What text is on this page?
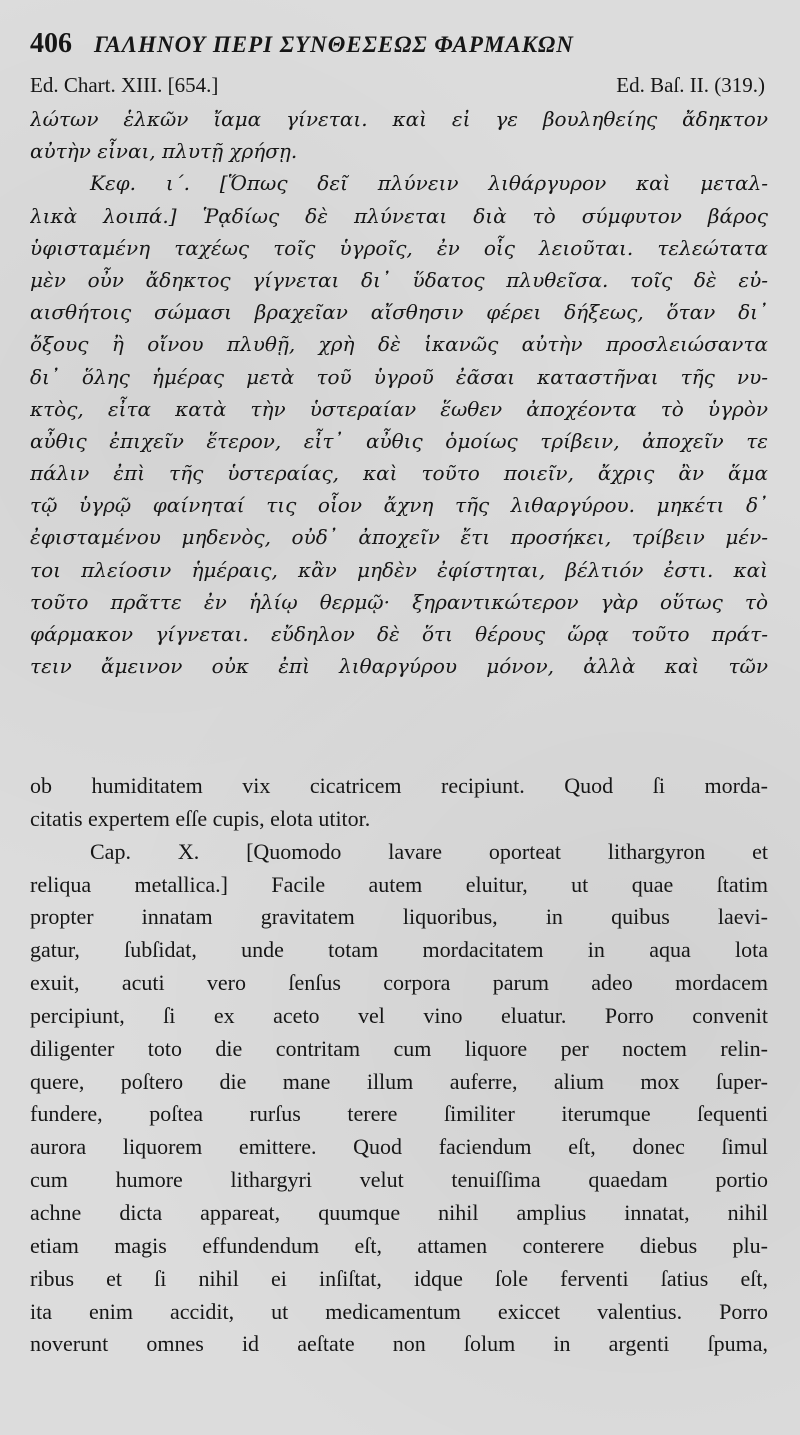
406 ΓΑΛΗΝΟΥ ΠΕΡΙ ΣΥΝΘΕΣΕΩΣ ΦΑΡΜΑΚΩΝ
Ed. Chart. XIII. [654.]	Ed. Baſ. II. (319.)
λώτων ἑλκῶν ἴαμα γίνεται. καὶ εἰ γε βουληθείης ἄδηκτον
αὐτὴν εἶναι, πλυτῇ χρήσῃ.
Κεφ. ι΄. [Ὅπως δεῖ πλύνειν λιθάργυρον καὶ μεταλ-
λικὰ λοιπά.] Ῥᾳδίως δὲ πλύνεται διὰ τὸ σύμφυτον βάρος
ὑφισταμένη ταχέως τοῖς ὑγροῖς, ἐν οἷς λειοῦται. τελεώτατα
μὲν οὖν ἄδηκτος γίγνεται δι᾿ ὕδατος πλυθεῖσα. τοῖς δὲ εὐ-
αισθήτοις σώμασι βραχεῖαν αἴσθησιν φέρει δήξεως, ὅταν δι᾿
ὄξους ἢ οἴνου πλυθῇ, χρὴ δὲ ἱκανῶς αὐτὴν προσλειώσαντα
δι᾿ ὅλης ἡμέρας μετὰ τοῦ ὑγροῦ ἐᾶσαι καταστῆναι τῆς νυ-
κτὸς, εἶτα κατὰ τὴν ὑστεραίαν ἕωθεν ἀποχέοντα τὸ ὑγρὸν
αὖθις ἐπιχεῖν ἕτερον, εἶτ᾿ αὖθις ὁμοίως τρίβειν, ἀποχεῖν τε
πάλιν ἐπὶ τῆς ὑστεραίας, καὶ τοῦτο ποιεῖν, ἄχρις ἂν ἅμα
τῷ ὑγρῷ φαίνηταί τις οἷον ἄχνη τῆς λιθαργύρου. μηκέτι δ᾿
ἐφισταμένου μηδενὸς, οὐδ᾿ ἀποχεῖν ἔτι προσήκει, τρίβειν μέν-
τοι πλείοσιν ἡμέραις, κἂν μηδὲν ἐφίστηται, βέλτιόν ἐστι. καὶ
τοῦτο πρᾶττε ἐν ἡλίῳ θερμῷ· ξηραντικώτερον γὰρ οὕτως τὸ
φάρμακον γίγνεται. εὔδηλον δὲ ὅτι θέρους ὥρᾳ τοῦτο πράτ-
τειν ἄμεινον οὐκ ἐπὶ λιθαργύρου μόνον, ἀλλὰ καὶ τῶν
ob humiditatem vix cicatricem recipiunt. Quod ſi morda-
citatis expertem eſſe cupis, elota utitor.
Cap. X. [Quomodo lavare oporteat lithargyron et
reliqua metallica.] Facile autem eluitur, ut quae ſtatim
propter innatam gravitatem liquoribus, in quibus laevi-
gatur, ſubſidat, unde totam mordacitatem in aqua lota
exuit, acuti vero ſenſus corpora parum adeo mordacem
percipiunt, ſi ex aceto vel vino eluatur. Porro convenit
diligenter toto die contritam cum liquore per noctem relin-
quere, poſtero die mane illum auferre, alium mox ſuper-
fundere, poſtea rurſus terere ſimiliter iterumque ſequenti
aurora liquorem emittere. Quod faciendum eſt, donec ſimul
cum humore lithargyri velut tenuiſſima quaedam portio
achne dicta appareat, quumque nihil amplius innatat, nihil
etiam magis effundendum eſt, attamen conterere diebus plu-
ribus et ſi nihil ei inſiſtat, idque ſole ferventi ſatius eſt,
ita enim accidit, ut medicamentum exiccet valentius. Porro
noverunt omnes id aeſtate non ſolum in argenti ſpuma,
